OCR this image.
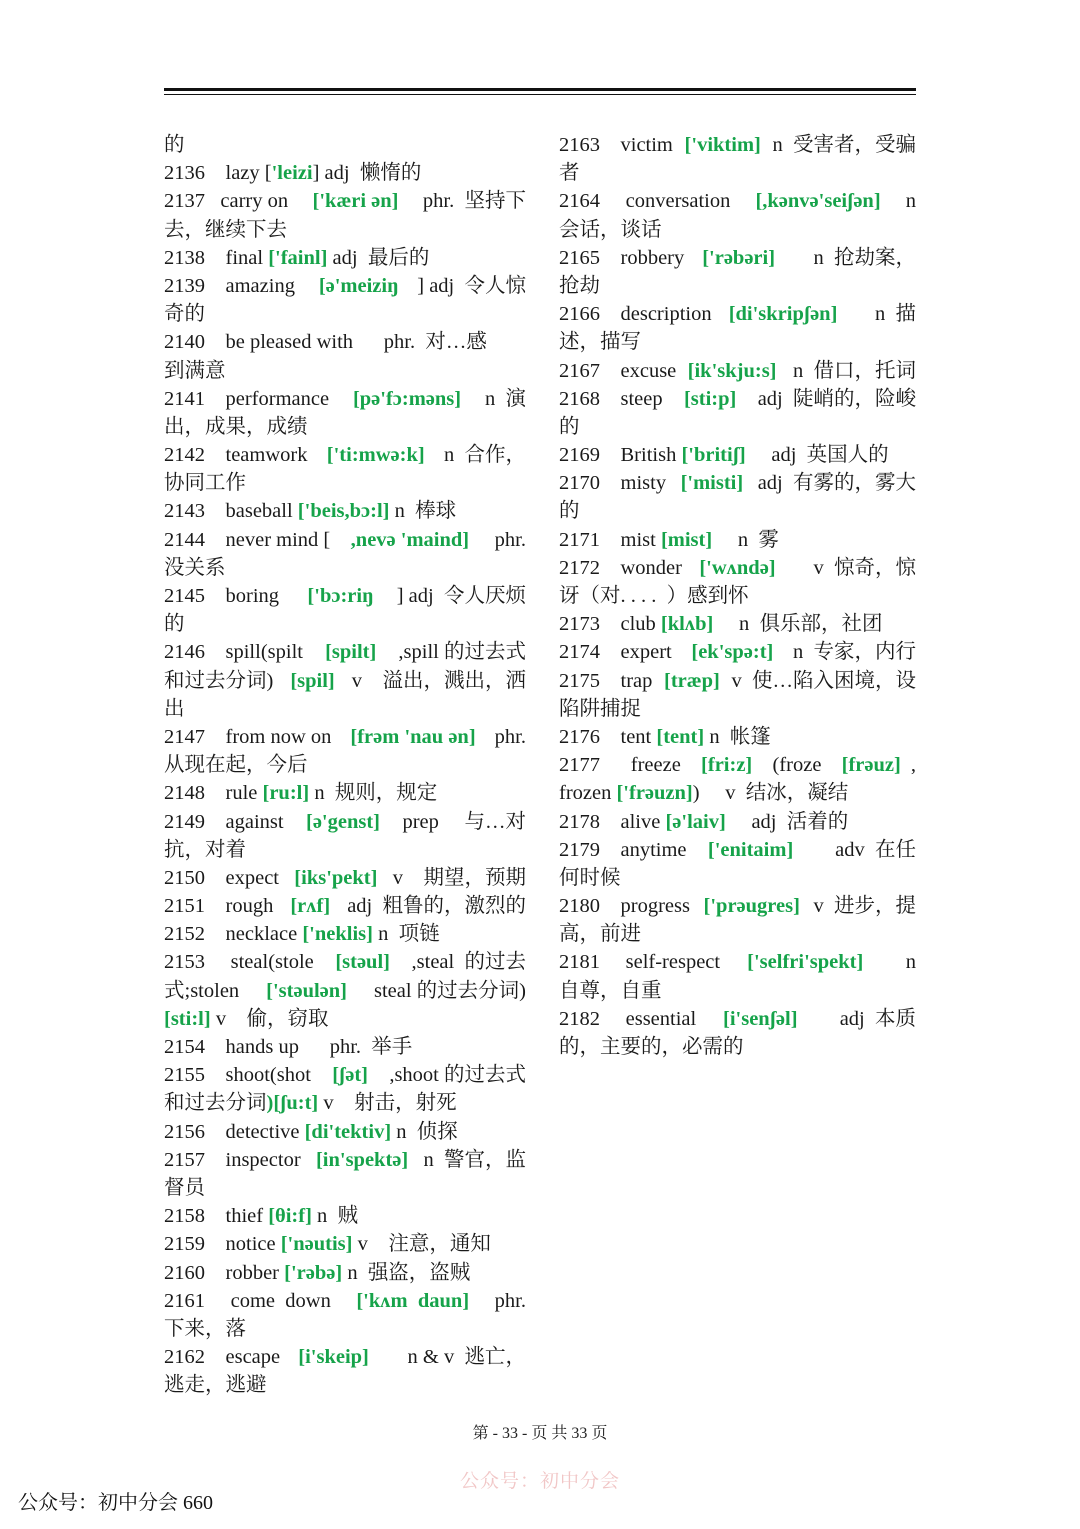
的
2136    lazy ['leizi] adj  懒惰的
2137   carry on ['kæri ən] phr.  坚持下
去，继续下去
2138    final ['fainl] adj  最后的
2139    amazing [ə'meiziŋ ] adj  令人惊
奇的
2140    be pleased with      phr.  对…感
到满意
2141    performance [pə'fɔ:məns] n  演
出，成果，成绩
2142    teamwork ['ti:mwə:k] n  合作，
协同工作
2143    baseball ['beis,bɔ:l] n  棒球
2144    never mind [ ,nevə 'maind] phr.
没关系
2145    boring ['bɔ:riŋ ] adj  令人厌烦
的
2146    spill(spilt [spilt] ,spill 的过去式
和过去分词) [spil] v    溢出，溅出，洒
出
2147    from now on [frəm 'nau ən] phr.
从现在起，今后
2148    rule [ru:l] n  规则，规定
2149    against [ə'genst] prep     与…对
抗，对着
2150    expect [iks'pekt] v    期望，预期
2151    rough [rʌf] adj  粗鲁的，激烈的
2152    necklace ['neklis] n  项链
2153     steal(stole [stəul] ,steal  的过去
式;stolen ['stəulən] steal 的过去分词)
[sti:l] v    偷，窃取
2154    hands up      phr.  举手
2155    shoot(shot [ʃət] ,shoot 的过去式
和过去分词)[ʃu:t] v    射击，射死
2156    detective [di'tektiv] n  侦探
2157    inspector [in'spektə] n  警官，监
督员
2158    thief [θi:f] n  贼
2159    notice ['nəutis] v    注意，通知
2160    robber ['rəbə] n  强盗，盗贼
2161     come  down ['kʌm  daun] phr.
下来，落
2162    escape [i'skeip] n & v  逃亡，
逃走，逃避
2163    victim ['viktim] n  受害者，受骗
者
2164     conversation [,kənvə'seiʃən] n
会话，谈话
2165    robbery ['rəbəri] n  抢劫案，
抢劫
2166    description [di'skripʃən] n  描
述，描写
2167    excuse [ik'skju:s] n  借口，托词
2168    steep [sti:p] adj  陡峭的，险峻
的
2169    British ['britiʃ]     adj  英国人的
2170    misty ['misti] adj  有雾的，雾大
的
2171    mist [mist]     n  雾
2172    wonder ['wʌndə] v  惊奇，惊
讶（对. . . .  ）感到怀
2173    club [klʌb]     n  俱乐部，社团
2174    expert [ek'spə:t] n  专家，内行
2175    trap [træp] v  使…陷入困境，设
陷阱捕捉
2176    tent [tent] n  帐篷
2177      freeze [fri:z] (froze [frəuz] ,
frozen ['frəuzn])     v  结冰，凝结
2178    alive [ə'laiv]     adj  活着的
2179    anytime ['enitaim] adv  在任
何时候
2180    progress ['prəugres] v  进步，提
高，前进
2181     self-respect ['selfri'spekt] n
自尊，自重
2182     essential [i'senʃəl] adj  本质
的，主要的，必需的
第 - 33 - 页 共 33 页
公众号：初中分会
公众号：初中分会 660
